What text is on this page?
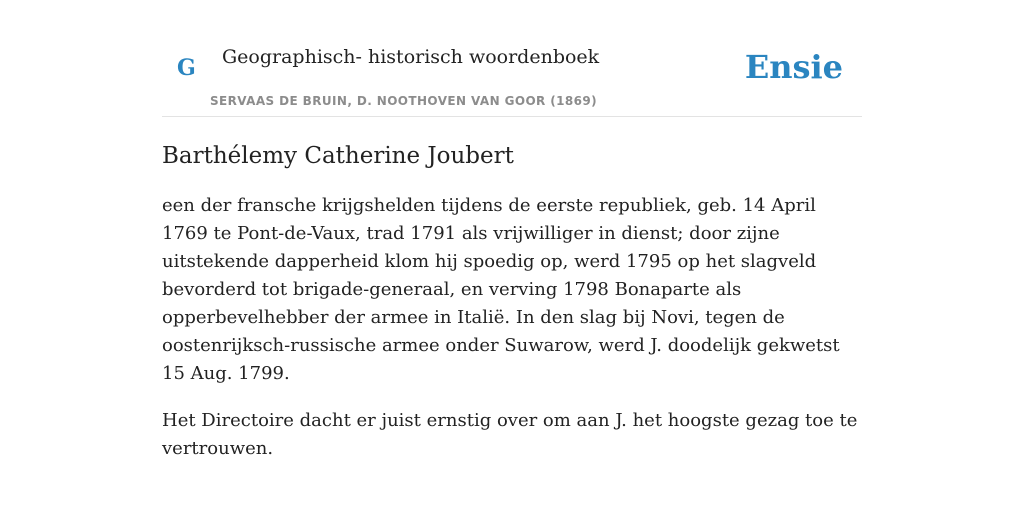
G Geographisch- historisch woordenboek
SERVAAS DE BRUIN, D. NOOTHOVEN VAN GOOR (1869)
Ensie
Barthélemy Catherine Joubert

een der fransche krijgshelden tijdens de eerste republiek, geb. 14 April 1769 te Pont-de-Vaux, trad 1791 als vrijwilliger in dienst; door zijne uitstekende dapperheid klom hij spoedig op, werd 1795 op het slagveld bevorderd tot brigade-generaal, en verving 1798 Bonaparte als opperbevelhebber der armee in Italië. In den slag bij Novi, tegen de oostenrijksch-russische armee onder Suwarow, werd J. doodelijk gekwetst 15 Aug. 1799.

Het Directoire dacht er juist ernstig over om aan J. het hoogste gezag toe te vertrouwen.
